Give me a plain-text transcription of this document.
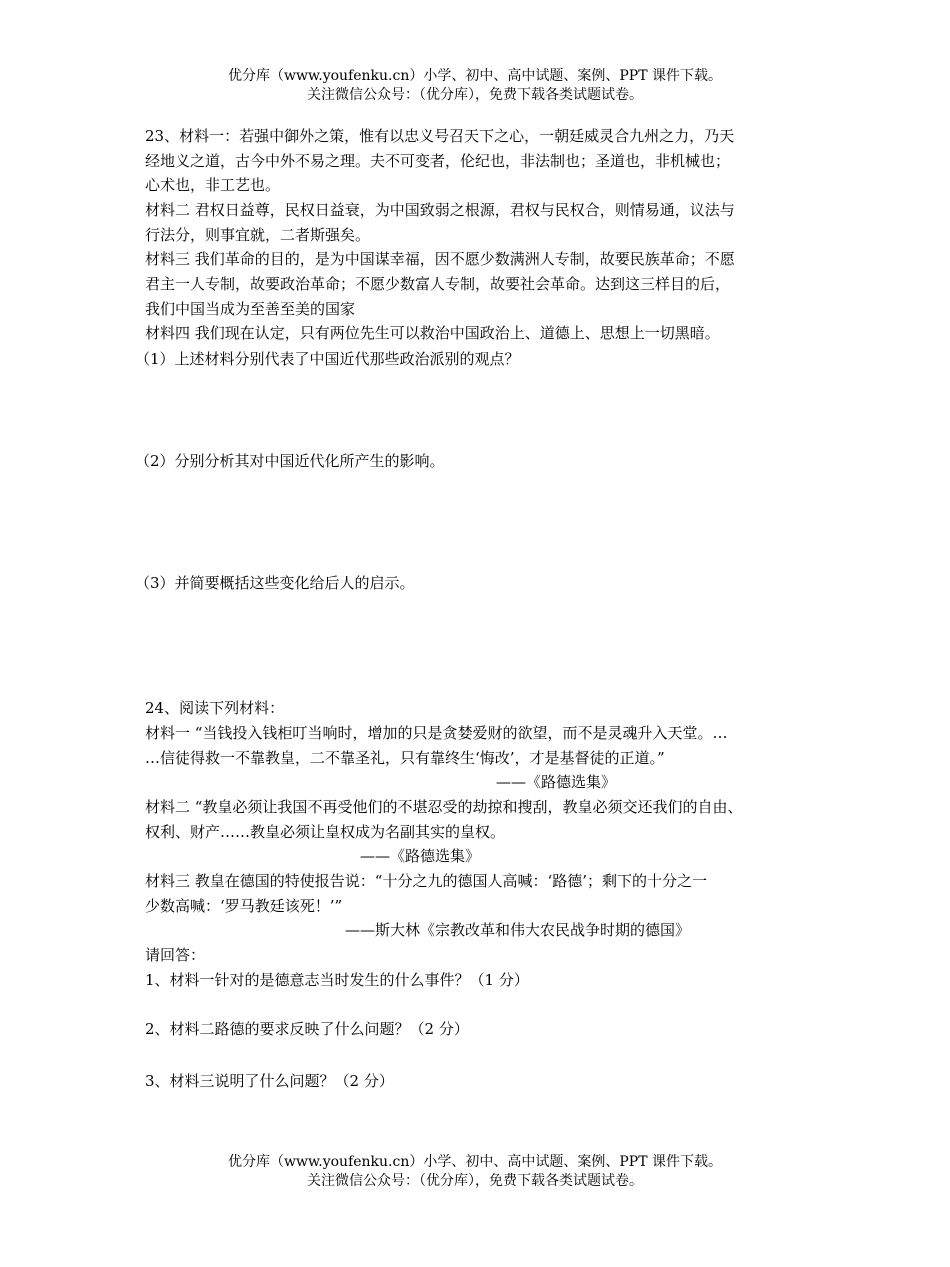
优分库（www.youfenku.cn）小学、初中、高中试题、案例、PPT 课件下载。
关注微信公众号：（优分库），免费下载各类试题试卷。
23、材料一：若强中御外之策，惟有以忠义号召天下之心，一朝廷威灵合九州之力，乃天
经地义之道，古今中外不易之理。夫不可变者，伦纪也，非法制也；圣道也，非机械也；
心术也，非工艺也。
材料二 君权日益尊，民权日益衰，为中国致弱之根源，君权与民权合，则情易通，议法与
行法分，则事宜就，二者斯强矣。
材料三 我们革命的目的，是为中国谋幸福，因不愿少数满洲人专制，故要民族革命；不愿
君主一人专制，故要政治革命；不愿少数富人专制，故要社会革命。达到这三样目的后，
我们中国当成为至善至美的国家
材料四 我们现在认定，只有两位先生可以救治中国政治上、道德上、思想上一切黑暗。
（1）上述材料分别代表了中国近代那些政治派别的观点？
（2）分别分析其对中国近代化所产生的影响。
（3）并简要概括这些变化给后人的启示。
24、阅读下列材料：
材料一 “当钱投入钱柜叮当响时，增加的只是贪婪爱财的欲望，而不是灵魂升入天堂。…
…信徒得救一不靠教皇，二不靠圣礼，只有靠终生‘悔改’，才是基督徒的正道。”
——《路德选集》
材料二 “教皇必须让我国不再受他们的不堪忍受的劫掠和搜刮，教皇必须交还我们的自由、
权利、财产……教皇必须让皇权成为名副其实的皇权。
——《路德选集》
材料三 教皇在德国的特使报告说：“十分之九的德国人高喊：‘路德’；剩下的十分之一
少数高喊：‘罗马教廷该死！’”
——斯大林《宗教改革和伟大农民战争时期的德国》
请回答：
1、材料一针对的是德意志当时发生的什么事件？（1 分）
2、材料二路德的要求反映了什么问题？（2 分）
3、材料三说明了什么问题？（2 分）
优分库（www.youfenku.cn）小学、初中、高中试题、案例、PPT 课件下载。
关注微信公众号：（优分库），免费下载各类试题试卷。
